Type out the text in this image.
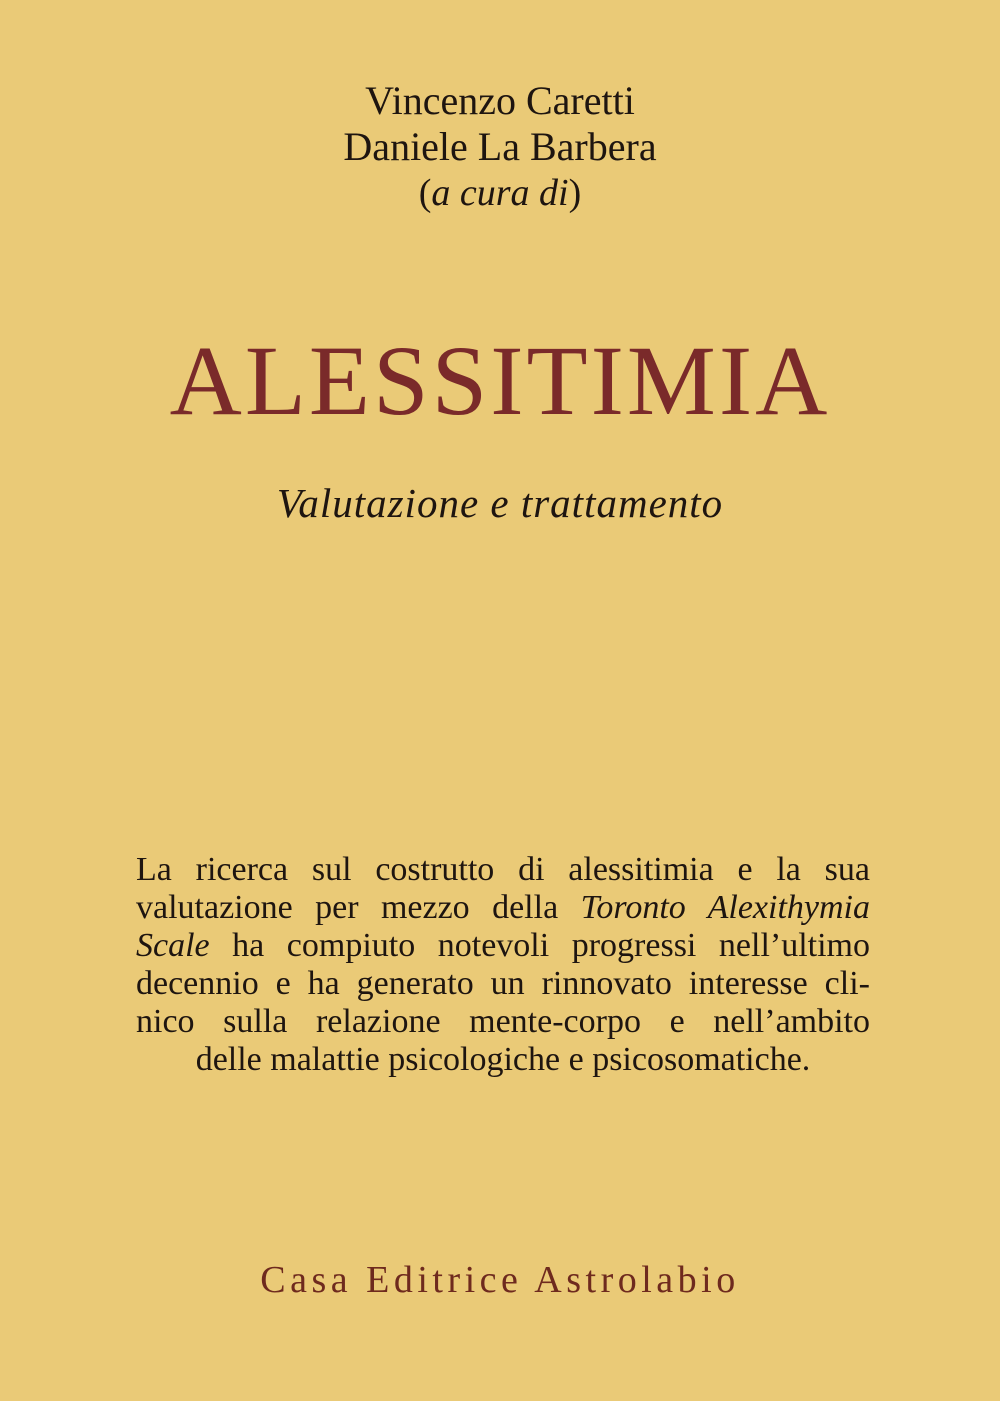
Vincenzo Caretti
Daniele La Barbera
(a cura di)
ALESSITIMIA
Valutazione e trattamento
La ricerca sul costrutto di alessitimia e la sua
valutazione per mezzo della Toronto Alexithymia
Scale ha compiuto notevoli progressi nell’ultimo
decennio e ha generato un rinnovato interesse cli-
nico sulla relazione mente-corpo e nell’ambito
delle malattie psicologiche e psicosomatiche.
Casa Editrice Astrolabio
